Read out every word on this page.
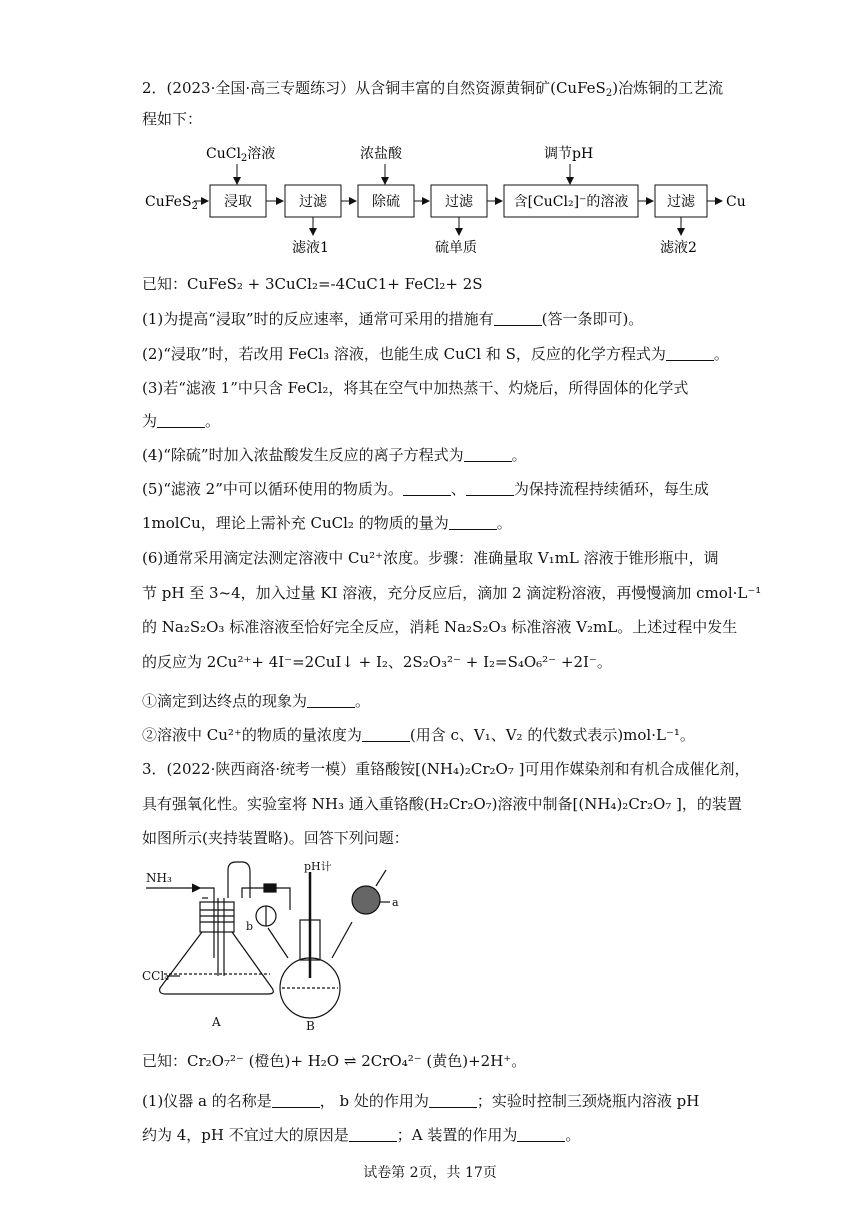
2．(2023·全国·高三专题练习）从含铜丰富的自然资源黄铜矿(CuFeS$_2$)冶炼铜的工艺流
程如下：
CuCl$_2$溶液	浓盐酸	调节pH
CuFeS$_2$ 浸取	过滤	除硫	过滤	含[CuCl₂]⁻的溶液	过滤 Cu
滤液1	硫单质	滤液2
已知：CuFeS₂ + 3CuCl₂=-4CuC1+ FeCl₂+ 2S
(1)为提高“浸取”时的反应速率，通常可采用的措施有	(答一条即可)。
(2)“浸取”时，若改用 FeCl₃ 溶液，也能生成 CuCl 和 S，反应的化学方程式为	。
(3)若“滤液 1”中只含 FeCl₂，将其在空气中加热蒸干、灼烧后，所得固体的化学式
为	。
(4)“除硫”时加入浓盐酸发生反应的离子方程式为	。
(5)“滤液 2”中可以循环使用的物质为。	、	为保持流程持续循环，每生成
1molCu，理论上需补充 CuCl₂ 的物质的量为	。
(6)通常采用滴定法测定溶液中 Cu²⁺浓度。步骤：准确量取 V₁mL 溶液于锥形瓶中，调
节 pH 至 3~4，加入过量 KI 溶液，充分反应后，滴加 2 滴淀粉溶液，再慢慢滴加 cmol·L⁻¹
的 Na₂S₂O₃ 标准溶液至恰好完全反应，消耗 Na₂S₂O₃ 标准溶液 V₂mL。上述过程中发生
的反应为 2Cu²⁺+ 4I⁻=2CuI↓ + I₂、2S₂O₃²⁻ + I₂=S₄O₆²⁻ +2I⁻。
①滴定到达终点的现象为	。
②溶液中 Cu²⁺的物质的量浓度为	(用含 c、V₁、V₂ 的代数式表示)mol·L⁻¹。
3．(2022·陕西商洛·统考一模）重铬酸铵[(NH₄)₂Cr₂O₇ ]可用作媒染剂和有机合成催化剂，
具有强氧化性。实验室将 NH₃ 通入重铬酸(H₂Cr₂O₇)溶液中制备[(NH₄)₂Cr₂O₇ ]，的装置
如图所示(夹持装置略)。回答下列问题：
NH₃
CCl₄
A
pH计
b
a
B
已知：Cr₂O₇²⁻ (橙色)+ H₂O ⇌ 2CrO₄²⁻ (黄色)+2H⁺。
(1)仪器 a 的名称是	， b 处的作用为	；实验时控制三颈烧瓶内溶液 pH
约为 4，pH 不宜过大的原因是	；A 装置的作用为	。
试卷第 2页，共 17页
